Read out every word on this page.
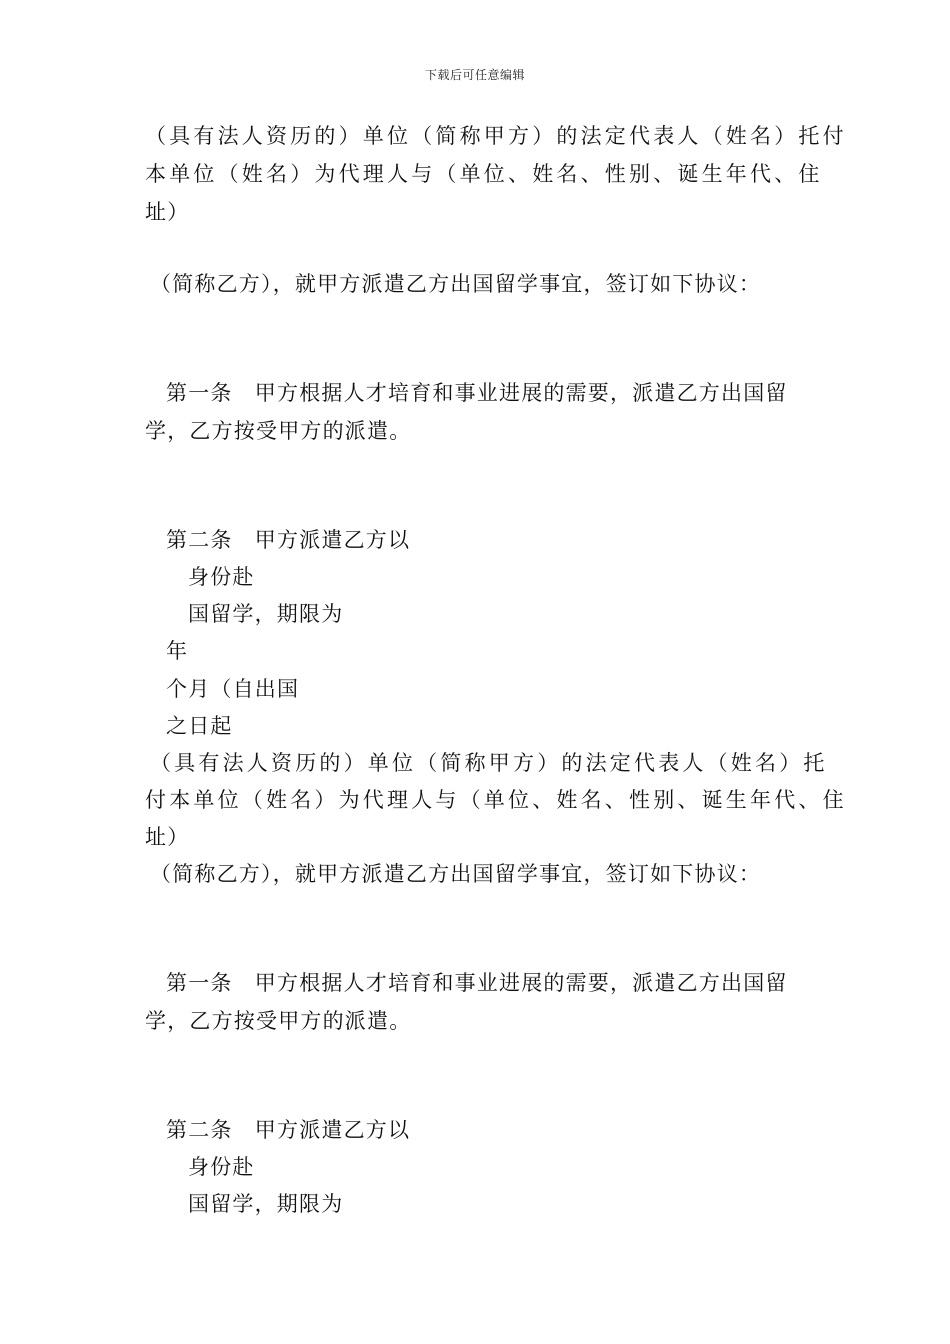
下载后可任意编辑
（具有法人资历的）单位（简称甲方）的法定代表人（姓名）托付
本单位（姓名）为代理人与（单位、姓名、性别、诞生年代、住
址）
（简称乙方），就甲方派遣乙方出国留学事宜，签订如下协议：
第一条　甲方根据人才培育和事业进展的需要，派遣乙方出国留
学，乙方按受甲方的派遣。
第二条　甲方派遣乙方以
身份赴
国留学，期限为
年
个月（自出国
之日起
（具有法人资历的）单位（简称甲方）的法定代表人（姓名）托
付本单位（姓名）为代理人与（单位、姓名、性别、诞生年代、住
址）
（简称乙方），就甲方派遣乙方出国留学事宜，签订如下协议：
第一条　甲方根据人才培育和事业进展的需要，派遣乙方出国留
学，乙方按受甲方的派遣。
第二条　甲方派遣乙方以
身份赴
国留学，期限为
